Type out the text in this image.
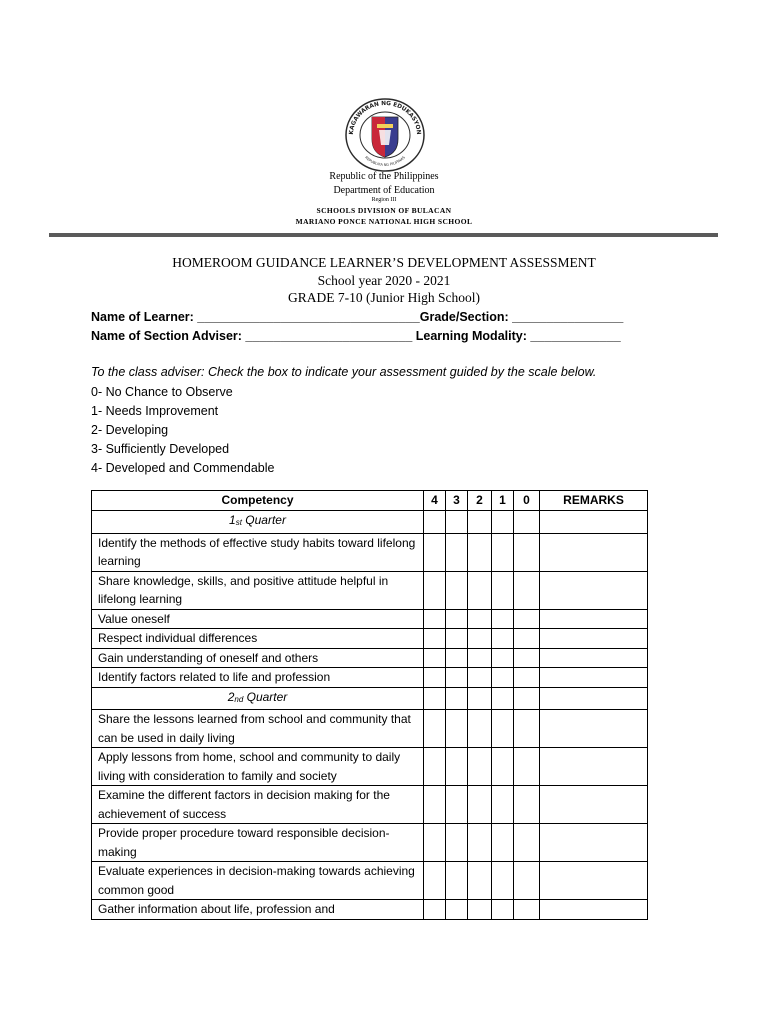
KAGAWARAN NG EDUKASYON
REPUBLIKA NG PILIPINAS
Republic of the Philippines
Department of Education
Region III
SCHOOLS DIVISION OF BULACAN
MARIANO PONCE NATIONAL HIGH SCHOOL
HOMEROOM GUIDANCE LEARNER’S DEVELOPMENT ASSESSMENT
School year 2020 - 2021
GRADE 7-10 (Junior High School)
Name of Learner: ________________________________Grade/Section: ________________
Name of Section Adviser: ________________________ Learning Modality: _____________
To the class adviser: Check the box to indicate your assessment guided by the scale below.
0- No Chance to Observe
1- Needs Improvement
2- Developing
3- Sufficiently Developed
4- Developed and Commendable
Competency	4	3	2	1	0	REMARKS
$1_{st}$ Quarter						
Identify the methods of effective study habits toward lifelong learning						
Share knowledge, skills, and positive attitude helpful in lifelong learning						
Value oneself						
Respect individual differences						
Gain understanding of oneself and others						
Identify factors related to life and profession						
$2_{nd}$ Quarter						
Share the lessons learned from school and community that can be used in daily living						
Apply lessons from home, school and community to daily living with consideration to family and society						
Examine the different factors in decision making for the achievement of success						
Provide proper procedure toward responsible decision-making						
Evaluate experiences in decision-making towards achieving common good						
Gather information about life, profession and						
